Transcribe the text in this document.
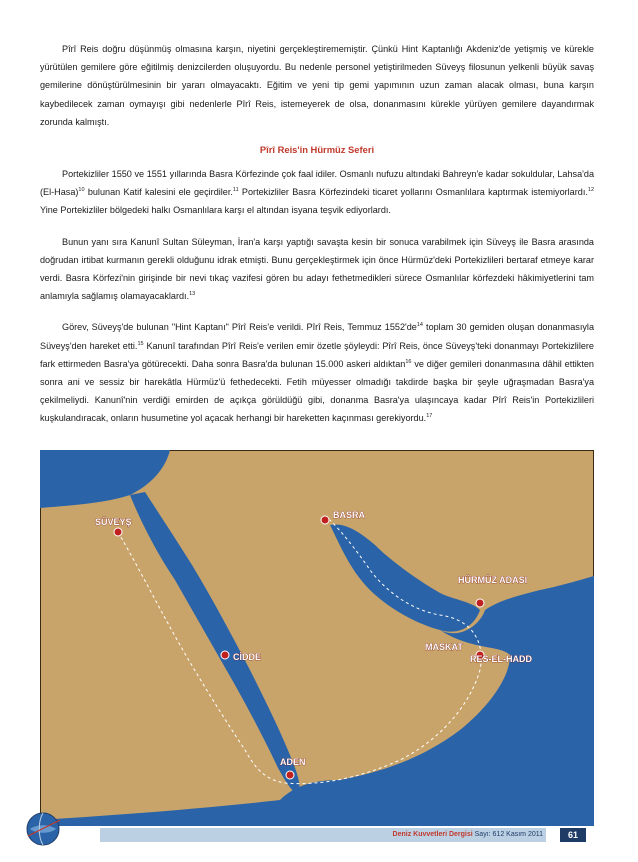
Pîrî Reis doğru düşünmüş olmasına karşın, niyetini gerçekleştirememiştir. Çünkü Hint Kaptanlığı Akdeniz'de yetişmiş ve kürekle yürütülen gemilere göre eğitilmiş denizcilerden oluşuyordu. Bu nedenle personel yetiştirilmeden Süveyş filosunun yelkenli büyük savaş gemilerine dönüştürülmesinin bir yararı olmayacaktı. Eğitim ve yeni tip gemi yapımının uzun zaman alacak olması, buna karşın kaybedilecek zaman oymayışı gibi nedenlerle Pîrî Reis, istemeyerek de olsa, donanmasını kürekle yürüyen gemilere dayandırmak zorunda kalmıştı.

Pîrî Reis'in Hürmüz Seferi

Portekizliler 1550 ve 1551 yıllarında Basra Körfezinde çok faal idiler. Osmanlı nufuzu altındaki Bahreyn'e kadar sokuldular, Lahsa'da (El-Hasa)$^{10}$ bulunan Katif kalesini ele geçirdiler.$^{11}$ Portekizliler Basra Körfezindeki ticaret yollarını Osmanlılara kaptırmak istemiyorlardı.$^{12}$ Yine Portekizliler bölgedeki halkı Osmanlılara karşı el altından isyana teşvik ediyorlardı.

Bunun yanı sıra Kanunî Sultan Süleyman, İran'a karşı yaptığı savaşta kesin bir sonuca varabilmek için Süveyş ile Basra arasında doğrudan irtibat kurmanın gerekli olduğunu idrak etmişti. Bunu gerçekleştirmek için önce Hürmüz'deki Portekizlileri bertaraf etmeye karar verdi. Basra Körfezi'nin girişinde bir nevi tıkaç vazifesi gören bu adayı fethetmedikleri sürece Osmanlılar körfezdeki hâkimiyetlerini tam anlamıyla sağlamış olamayacaklardı.$^{13}$

Görev, Süveyş'de bulunan "Hint Kaptanı" Pîrî Reis'e verildi. Pîrî Reis, Temmuz $1552'de^{14}$ toplam 30 gemiden oluşan donanmasıyla Süveyş'den hareket etti.$^{15}$ Kanunî tarafından Pîrî Reis'e verilen emir özetle şöyleydi: Pîrî Reis, önce Süveyş'teki donanmayı Portekizlilere fark ettirmeden Basra'ya götürecekti. Daha sonra Basra'da bulunan 15.000 askeri aldıktan$^{16}$ ve diğer gemileri donanmasına dâhil ettikten sonra ani ve sessiz bir harekâtla Hürmüz'ü fethedecekti. Fetih müyesser olmadığı takdirde başka bir şeyle uğraşmadan Basra'ya çekilmeliydi. Kanunî'nin verdiği emirden de açıkça görüldüğü gibi, donanma Basra'ya ulaşıncaya kadar Pîrî Reis'in Portekizlileri kuşkulandıracak, onların husumetine yol açacak herhangi bir hareketten kaçınması gerekiyordu.$^{17}$

SÜVEYŞ
BASRA
HÜRMÜZ ADASI
MASKAT
RES-EL-HADD
CİDDE
ADEN
Deniz Kuvvetleri Dergisi Sayı: 612 Kasım 2011	61
